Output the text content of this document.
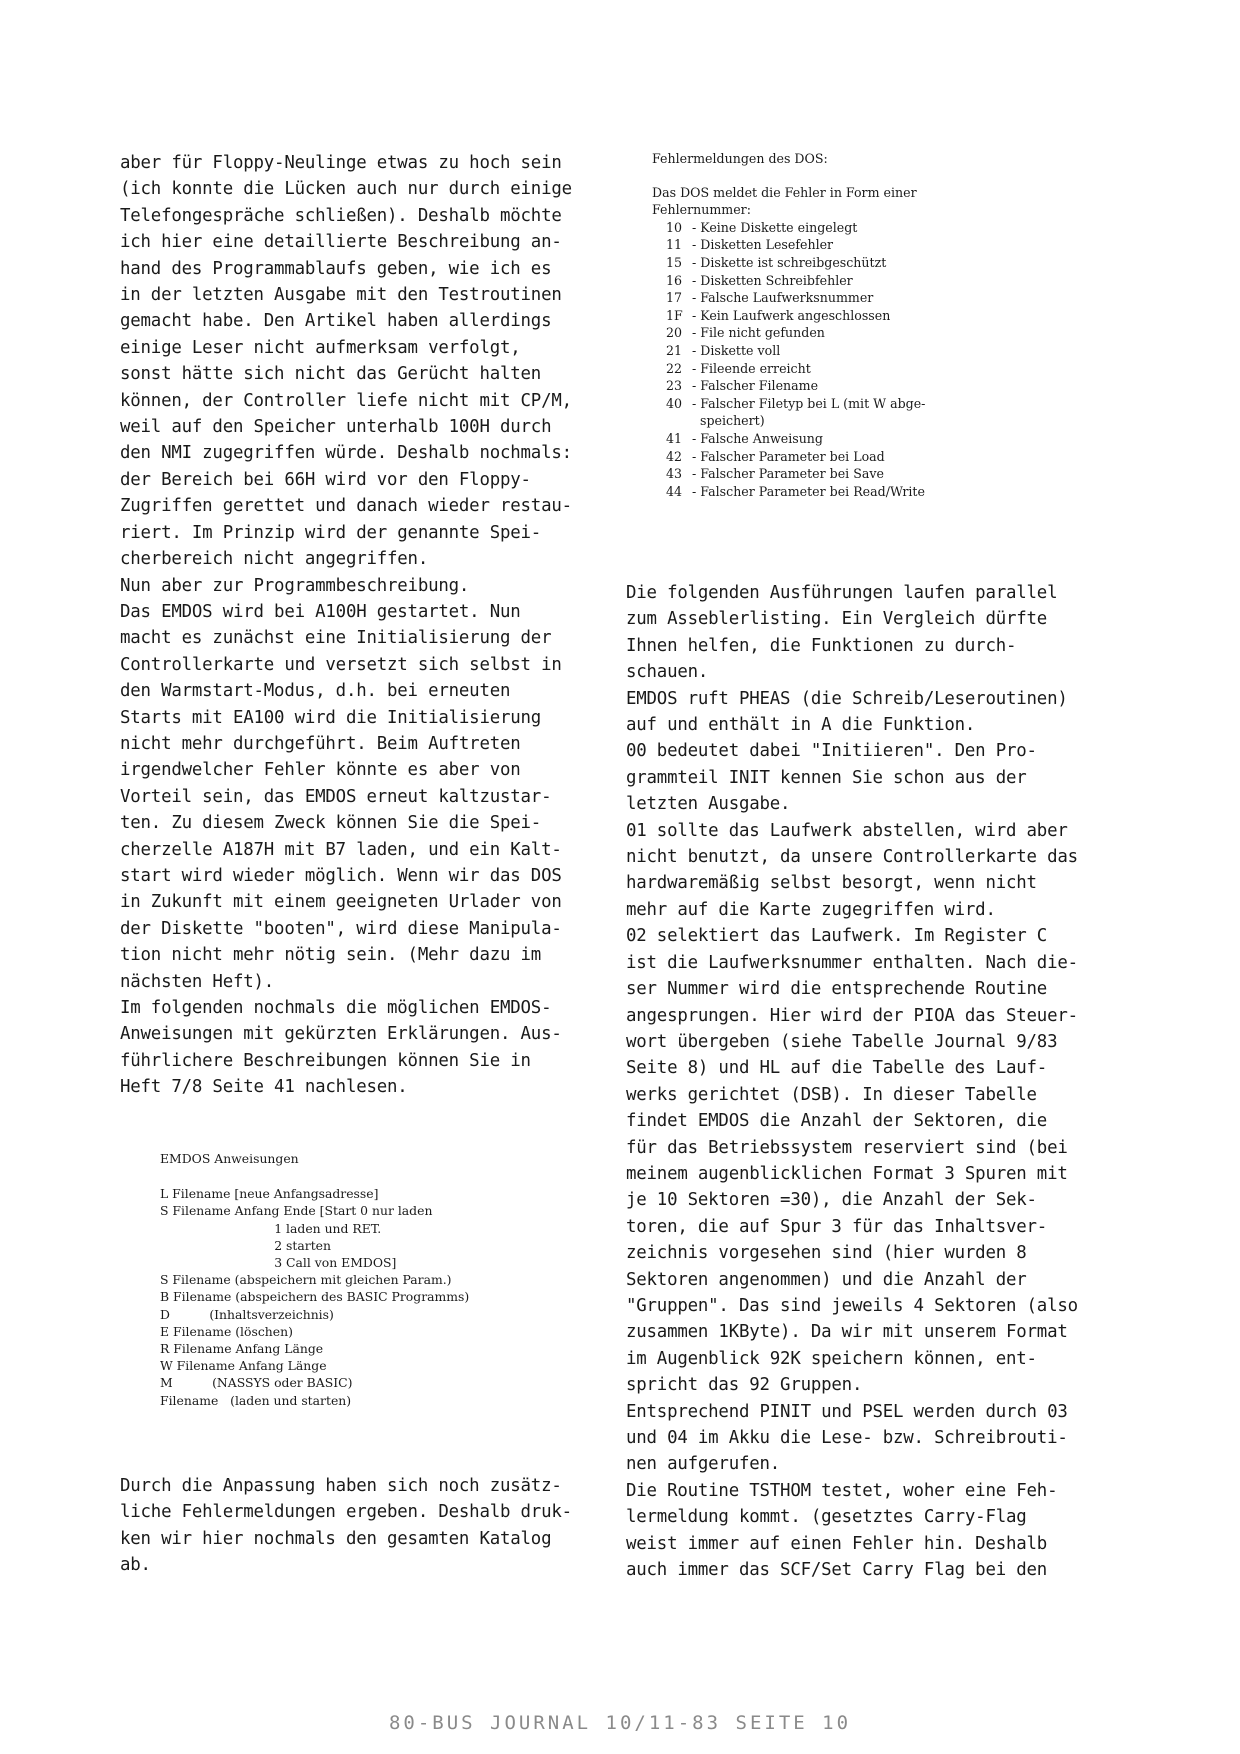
aber für Floppy-Neulinge etwas zu hoch sein
(ich konnte die Lücken auch nur durch einige
Telefongespräche schließen). Deshalb möchte
ich hier eine detaillierte Beschreibung an-
hand des Programmablaufs geben, wie ich es
in der letzten Ausgabe mit den Testroutinen
gemacht habe. Den Artikel haben allerdings
einige Leser nicht aufmerksam verfolgt,
sonst hätte sich nicht das Gerücht halten
können, der Controller liefe nicht mit CP/M,
weil auf den Speicher unterhalb 100H durch
den NMI zugegriffen würde. Deshalb nochmals:
der Bereich bei 66H wird vor den Floppy-
Zugriffen gerettet und danach wieder restau-
riert. Im Prinzip wird der genannte Spei-
cherbereich nicht angegriffen.
Nun aber zur Programmbeschreibung.
Das EMDOS wird bei A100H gestartet. Nun
macht es zunächst eine Initialisierung der
Controllerkarte und versetzt sich selbst in
den Warmstart-Modus, d.h. bei erneuten
Starts mit EA100 wird die Initialisierung
nicht mehr durchgeführt. Beim Auftreten
irgendwelcher Fehler könnte es aber von
Vorteil sein, das EMDOS erneut kaltzustar-
ten. Zu diesem Zweck können Sie die Spei-
cherzelle A187H mit B7 laden, und ein Kalt-
start wird wieder möglich. Wenn wir das DOS
in Zukunft mit einem geeigneten Urlader von
der Diskette "booten", wird diese Manipula-
tion nicht mehr nötig sein. (Mehr dazu im
nächsten Heft).
Im folgenden nochmals die möglichen EMDOS-
Anweisungen mit gekürzten Erklärungen. Aus-
führlichere Beschreibungen können Sie in
Heft 7/8 Seite 41 nachlesen.
EMDOS Anweisungen
L Filename [neue Anfangsadresse]
S Filename Anfang Ende [Start 0 nur laden
1 laden und RET.
2 starten
3 Call von EMDOS]
S Filename (abspeichern mit gleichen Param.)
B Filename (abspeichern des BASIC Programms)
D          (Inhaltsverzeichnis)
E Filename (löschen)
R Filename Anfang Länge
W Filename Anfang Länge
M          (NASSYS oder BASIC)
Filename   (laden und starten)
Durch die Anpassung haben sich noch zusätz-
liche Fehlermeldungen ergeben. Deshalb druk-
ken wir hier nochmals den gesamten Katalog
ab.
Fehlermeldungen des DOS:
Das DOS meldet die Fehler in Form einer
Fehlernummer:
10 - Keine Diskette eingelegt
11 - Disketten Lesefehler
15 - Diskette ist schreibgeschützt
16 - Disketten Schreibfehler
17 - Falsche Laufwerksnummer
1F - Kein Laufwerk angeschlossen
20 - File nicht gefunden
21 - Diskette voll
22 - Fileende erreicht
23 - Falscher Filename
40 - Falscher Filetyp bei L (mit W abge-
speichert)
41 - Falsche Anweisung
42 - Falscher Parameter bei Load
43 - Falscher Parameter bei Save
44 - Falscher Parameter bei Read/Write
Die folgenden Ausführungen laufen parallel
zum Asseblerlisting. Ein Vergleich dürfte
Ihnen helfen, die Funktionen zu durch-
schauen.
EMDOS ruft PHEAS (die Schreib/Leseroutinen)
auf und enthält in A die Funktion.
00 bedeutet dabei "Initiieren". Den Pro-
grammteil INIT kennen Sie schon aus der
letzten Ausgabe.
01 sollte das Laufwerk abstellen, wird aber
nicht benutzt, da unsere Controllerkarte das
hardwaremäßig selbst besorgt, wenn nicht
mehr auf die Karte zugegriffen wird.
02 selektiert das Laufwerk. Im Register C
ist die Laufwerksnummer enthalten. Nach die-
ser Nummer wird die entsprechende Routine
angesprungen. Hier wird der PIOA das Steuer-
wort übergeben (siehe Tabelle Journal 9/83
Seite 8) und HL auf die Tabelle des Lauf-
werks gerichtet (DSB). In dieser Tabelle
findet EMDOS die Anzahl der Sektoren, die
für das Betriebssystem reserviert sind (bei
meinem augenblicklichen Format 3 Spuren mit
je 10 Sektoren =30), die Anzahl der Sek-
toren, die auf Spur 3 für das Inhaltsver-
zeichnis vorgesehen sind (hier wurden 8
Sektoren angenommen) und die Anzahl der
"Gruppen". Das sind jeweils 4 Sektoren (also
zusammen 1KByte). Da wir mit unserem Format
im Augenblick 92K speichern können, ent-
spricht das 92 Gruppen.
Entsprechend PINIT und PSEL werden durch 03
und 04 im Akku die Lese- bzw. Schreibrouti-
nen aufgerufen.
Die Routine TSTHOM testet, woher eine Feh-
lermeldung kommt. (gesetztes Carry-Flag
weist immer auf einen Fehler hin. Deshalb
auch immer das SCF/Set Carry Flag bei den
80-BUS JOURNAL 10/11-83 SEITE 10
